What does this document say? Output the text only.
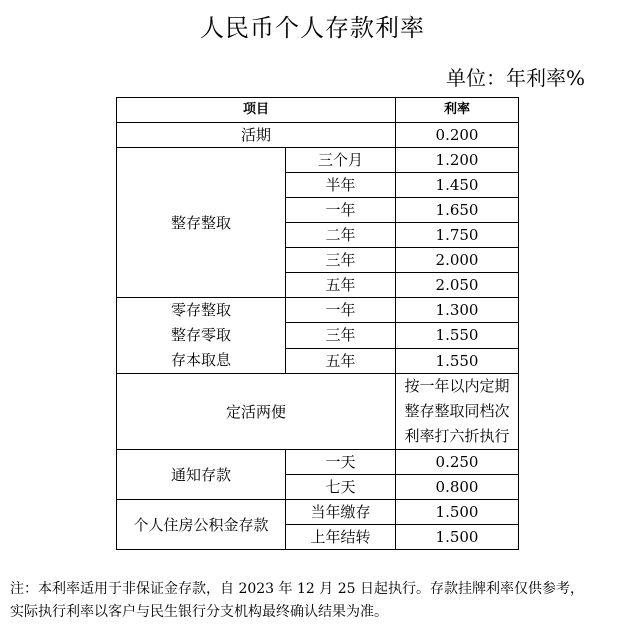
人民币个人存款利率
单位：年利率%
项目		利率
活期		0.200
整存整取	三个月	1.200
	半年	1.450
	一年	1.650
	二年	1.750
	三年	2.000
	五年	2.050

零存整取
整存零取
存本取息	一年	1.300
	三年	1.550
	五年	1.550
定活两便		按一年以内定期
整存整取同档次
利率打六折执行

通知存款	一天	0.250
	七天	0.800
个人住房公积金存款	当年缴存	1.500
	上年结转	1.500
注：本利率适用于非保证金存款，自 2023 年 12 月 25 日起执行。存款挂牌利率仅供参考，
实际执行利率以客户与民生银行分支机构最终确认结果为准。
